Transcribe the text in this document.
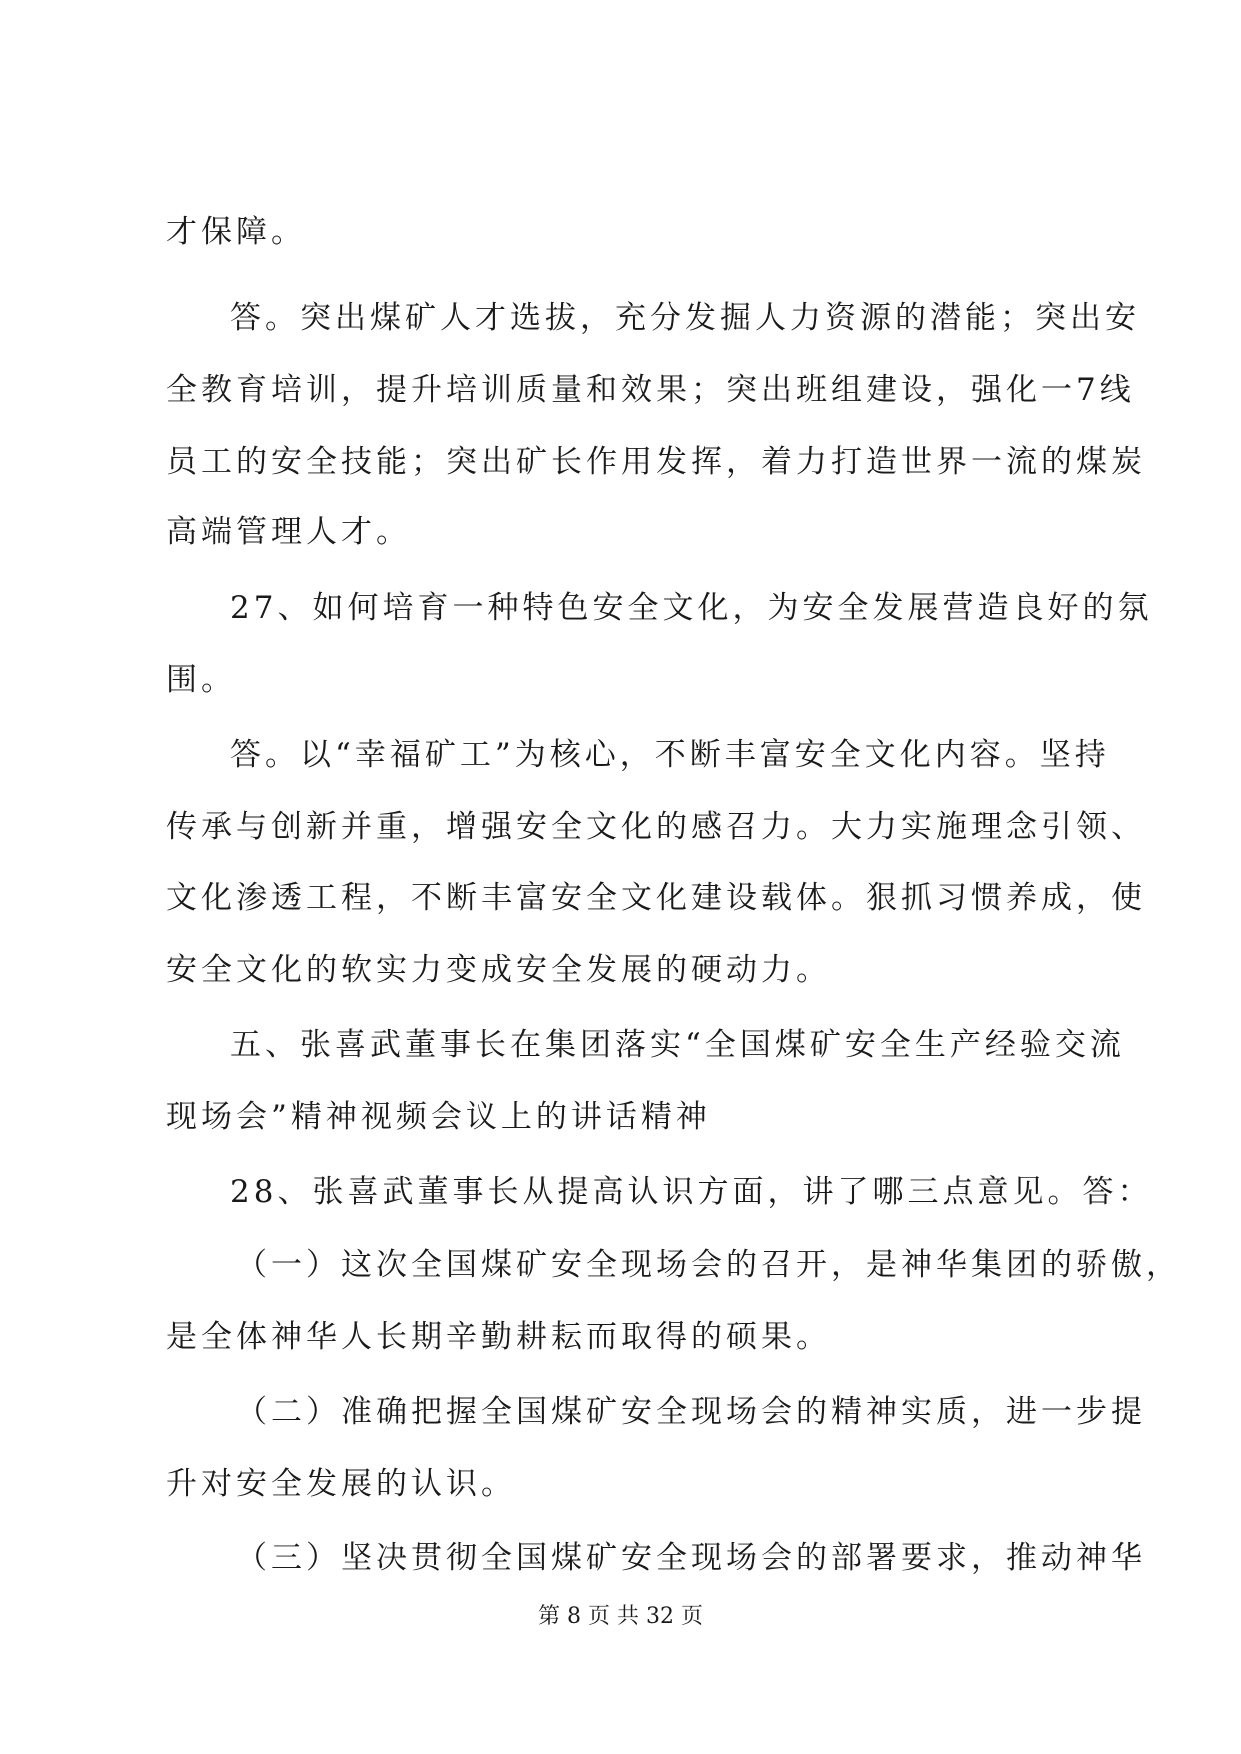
才保障。
答。突出煤矿人才选拔，充分发掘人力资源的潜能；突出安
全教育培训，提升培训质量和效果；突出班组建设，强化一7线
员工的安全技能；突出矿长作用发挥，着力打造世界一流的煤炭
高端管理人才。
27、如何培育一种特色安全文化，为安全发展营造良好的氛
围。
答。以“幸福矿工”为核心，不断丰富安全文化内容。坚持
传承与创新并重，增强安全文化的感召力。大力实施理念引领、
文化渗透工程，不断丰富安全文化建设载体。狠抓习惯养成，使
安全文化的软实力变成安全发展的硬动力。
五、张喜武董事长在集团落实“全国煤矿安全生产经验交流
现场会”精神视频会议上的讲话精神
28、张喜武董事长从提高认识方面，讲了哪三点意见。答：
（一）这次全国煤矿安全现场会的召开，是神华集团的骄傲，
是全体神华人长期辛勤耕耘而取得的硕果。
（二）准确把握全国煤矿安全现场会的精神实质，进一步提
升对安全发展的认识。
（三）坚决贯彻全国煤矿安全现场会的部署要求，推动神华
第 8 页 共 32 页
